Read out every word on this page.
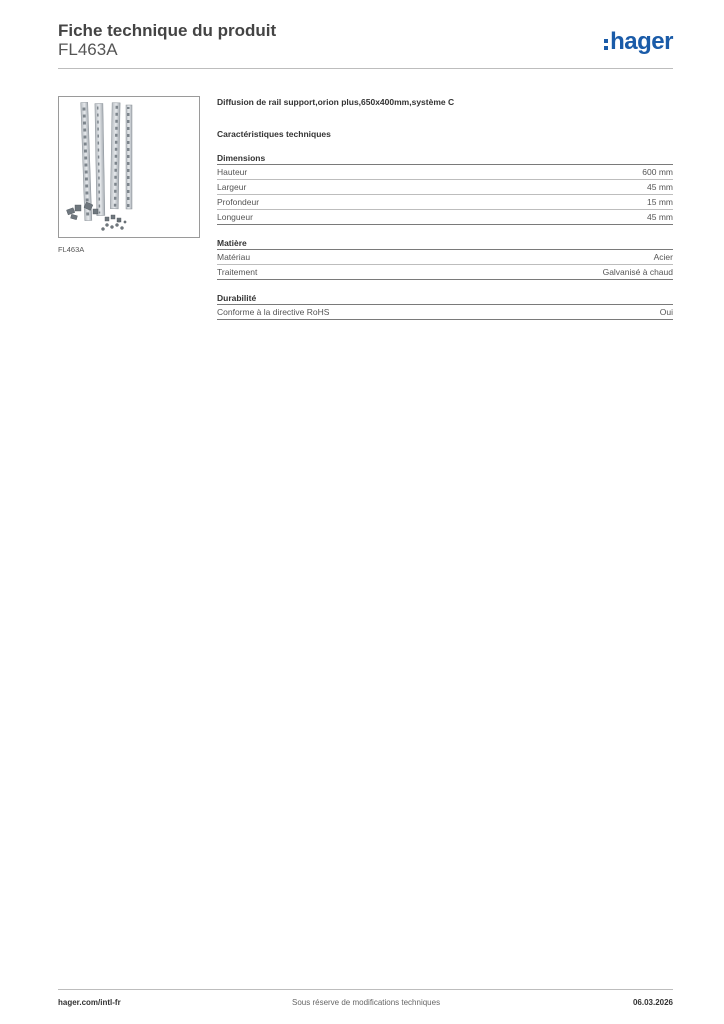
Fiche technique du produit
FL463A	hager
FL463A
Diffusion de rail support,orion plus,650x400mm,système C
Caractéristiques techniques
Dimensions
Hauteur	600 mm
Largeur	45 mm
Profondeur	15 mm
Longueur	45 mm
Matière
Matériau	Acier
Traitement	Galvanisé à chaud
Durabilité
Conforme à la directive RoHS	Oui
hager.com/intl-fr	Sous réserve de modifications techniques	06.03.2026
